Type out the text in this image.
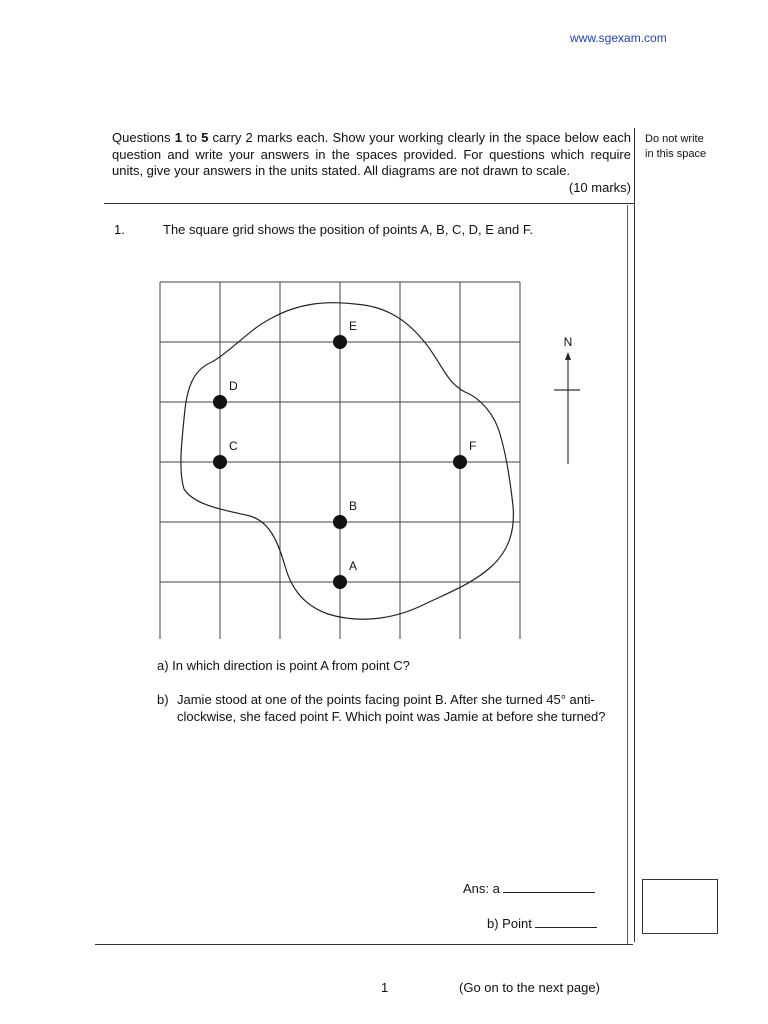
www.sgexam.com
Questions 1 to 5 carry 2 marks each. Show your working clearly in the space below each question and write your answers in the spaces provided. For questions which require units, give your answers in the units stated. All diagrams are not drawn to scale.
(10 marks)
Do not write
in this space
1.	The square grid shows the position of points A, B, C, D, E and F.
E
D
C	F
B
A
N
a) In which direction is point A from point C?
b) Jamie stood at one of the points facing point B. After she turned 45° anti-clockwise, she faced point F. Which point was Jamie at before she turned?
Ans: a
b) Point
1	(Go on to the next page)
